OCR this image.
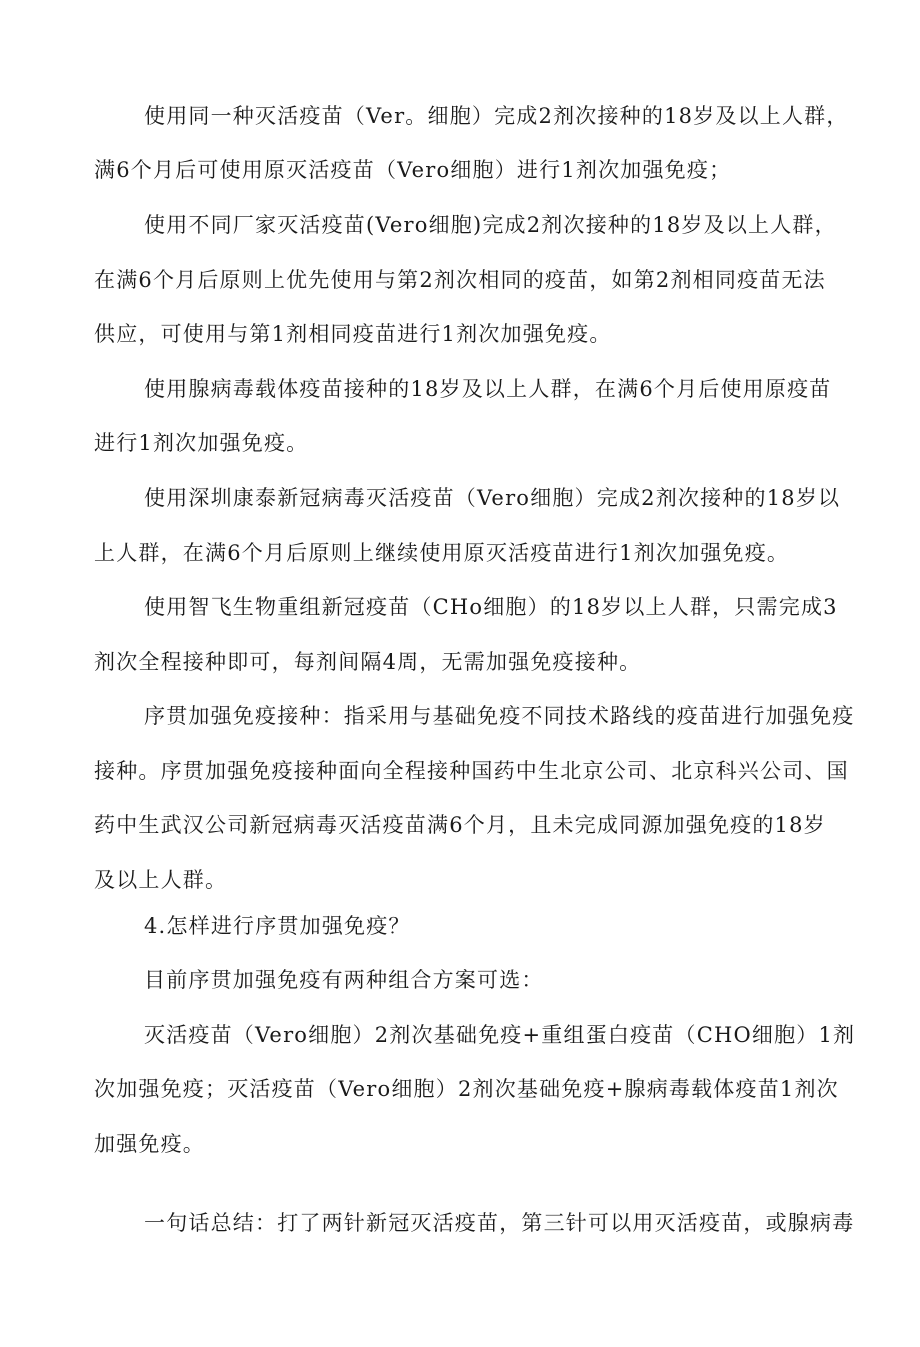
使用同一种灭活疫苗（Ver。细胞）完成2剂次接种的18岁及以上人群，
满6个月后可使用原灭活疫苗（Vero细胞）进行1剂次加强免疫；
使用不同厂家灭活疫苗(Vero细胞)完成2剂次接种的18岁及以上人群，
在满6个月后原则上优先使用与第2剂次相同的疫苗，如第2剂相同疫苗无法
供应，可使用与第1剂相同疫苗进行1剂次加强免疫。
使用腺病毒载体疫苗接种的18岁及以上人群，在满6个月后使用原疫苗
进行1剂次加强免疫。
使用深圳康泰新冠病毒灭活疫苗（Vero细胞）完成2剂次接种的18岁以
上人群，在满6个月后原则上继续使用原灭活疫苗进行1剂次加强免疫。
使用智飞生物重组新冠疫苗（CHo细胞）的18岁以上人群，只需完成3
剂次全程接种即可，每剂间隔4周，无需加强免疫接种。
序贯加强免疫接种：指采用与基础免疫不同技术路线的疫苗进行加强免疫
接种。序贯加强免疫接种面向全程接种国药中生北京公司、北京科兴公司、国
药中生武汉公司新冠病毒灭活疫苗满6个月，且未完成同源加强免疫的18岁
及以上人群。
4.怎样进行序贯加强免疫？
目前序贯加强免疫有两种组合方案可选：
灭活疫苗（Vero细胞）2剂次基础免疫+重组蛋白疫苗（CHO细胞）1剂
次加强免疫；灭活疫苗（Vero细胞）2剂次基础免疫+腺病毒载体疫苗1剂次
加强免疫。
一句话总结：打了两针新冠灭活疫苗，第三针可以用灭活疫苗，或腺病毒
